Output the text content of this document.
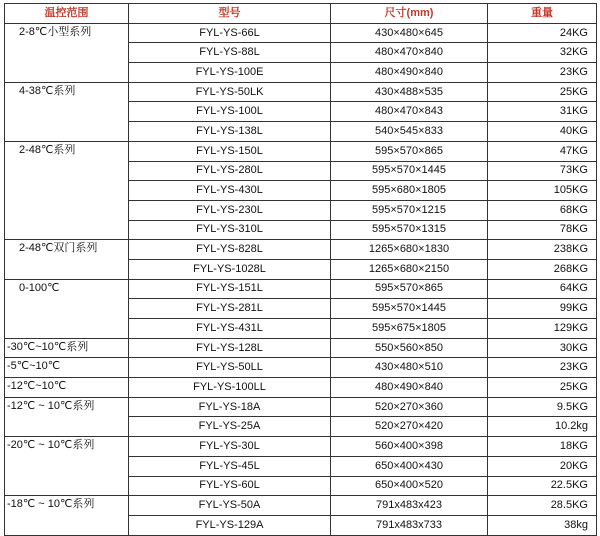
温控范围	型号	尺寸(mm)	重量
2-8℃小型系列	FYL-YS-66L	430×480×645	24KG
	FYL-YS-88L	480×470×840	32KG
	FYL-YS-100E	480×490×840	23KG
4-38℃系列	FYL-YS-50LK	430×488×535	25KG
	FYL-YS-100L	480×470×843	31KG
	FYL-YS-138L	540×545×833	40KG
2-48℃系列	FYL-YS-150L	595×570×865	47KG
	FYL-YS-280L	595×570×1445	73KG
	FYL-YS-430L	595×680×1805	105KG
	FYL-YS-230L	595×570×1215	68KG
	FYL-YS-310L	595×570×1315	78KG
2-48℃双门系列	FYL-YS-828L	1265×680×1830	238KG
	FYL-YS-1028L	1265×680×2150	268KG
0-100℃	FYL-YS-151L	595×570×865	64KG
	FYL-YS-281L	595×570×1445	99KG
	FYL-YS-431L	595×675×1805	129KG
-30℃~10℃系列	FYL-YS-128L	550×560×850	30KG
-5℃~10℃	FYL-YS-50LL	430×480×510	23KG
-12℃~10℃	FYL-YS-100LL	480×490×840	25KG
-12℃ ~ 10℃系列	FYL-YS-18A	520×270×360	9.5KG
	FYL-YS-25A	520×270×420	10.2kg
-20℃ ~ 10℃系列	FYL-YS-30L	560×400×398	18KG
	FYL-YS-45L	650×400×430	20KG
	FYL-YS-60L	650×400×520	22.5KG
-18℃ ~ 10℃系列	FYL-YS-50A	791x483x423	28.5KG
	FYL-YS-129A	791x483x733	38kg
